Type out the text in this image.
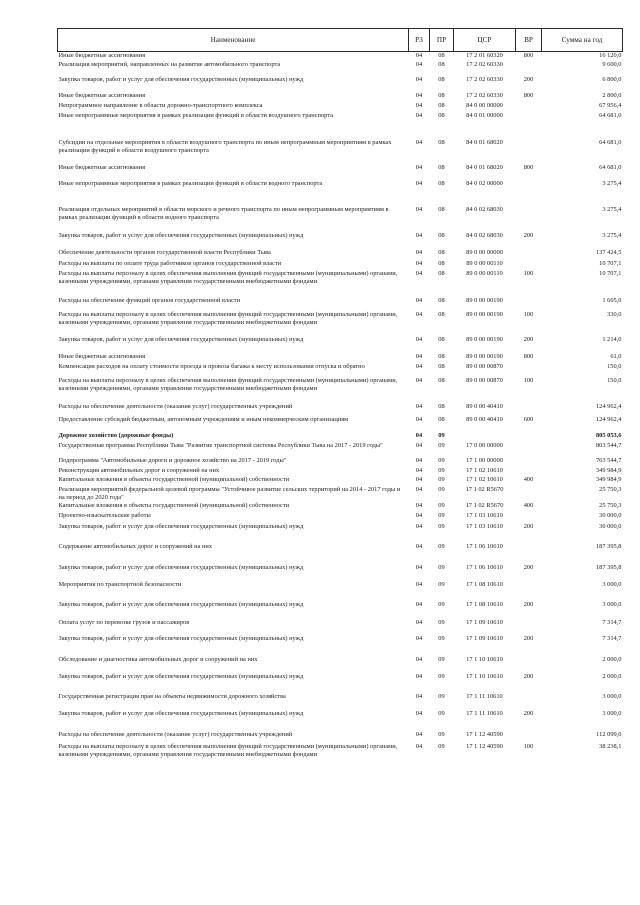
Наименование	РЗ	ПР	ЦСР	ВР	Сумма на год
Иные бюджетные ассигнования	04	08	17 2 01 60320	800	16 120,0
Реализация мероприятий, направленных на развитие автомобильного транспорта	04	08	17 2 02 60330		9 600,0
Закупка товаров, работ и услуг для обеспечения государственных (муниципальных) нужд	04	08	17 2 02 60330	200	6 800,0
Иные бюджетные ассигнования	04	08	17 2 02 60330	800	2 800,0
Непрограммное направление в области дорожно-транспортного комплекса	04	08	84 0 00 00000		67 956,4
Иные непрограммные мероприятия в рамках реализации функций в области воздушного транспорта	04	08	84 0 01 00000		64 681,0
Субсидии на отдельные мероприятия в области воздушного транспорта по иным непрограммным мероприятиям в рамках реализации функций в области воздушного транспорта	04	08	84 0 01 68020		64 681,0
Иные бюджетные ассигнования	04	08	84 0 01 68020	800	64 681,0
Иные непрограммные мероприятия в рамках реализации функций в области водного транспорта	04	08	84 0 02 00000		3 275,4
Реализация отдельных мероприятий в области морского и речного транспорта по иным непрограммным мероприятиям в рамках реализации функций в области водного транспорта	04	08	84 0 02 68030		3 275,4
Закупка товаров, работ и услуг для обеспечения государственных (муниципальных) нужд	04	08	84 0 02 68030	200	3 275,4
Обеспечение деятельности органов государственной власти Республики Тыва	04	08	89 0 00 00000		137 424,5
Расходы на выплаты по оплате труда работников органов государственной власти	04	08	89 0 00 00110		10 707,1
Расходы на выплаты персоналу в целях обеспечения выполнения функций государственными (муниципальными) органами, казенными учреждениями, органами управления государственными внебюджетными фондами	04	08	89 0 00 00110	100	10 707,1
Расходы на обеспечение функций органов государственной власти	04	08	89 0 00 00190		1 605,0
Расходы на выплаты персоналу в целях обеспечения выполнения функций государственными (муниципальными) органами, казенными учреждениями, органами управления государственными внебюджетными фондами	04	08	89 0 00 00190	100	330,0
Закупка товаров, работ и услуг для обеспечения государственных (муниципальных) нужд	04	08	89 0 00 00190	200	1 214,0
Иные бюджетные ассигнования	04	08	89 0 00 00190	800	61,0
Компенсация расходов на оплату стоимости проезда и провоза багажа к месту использования отпуска и обратно	04	08	89 0 00 00870		150,0
Расходы на выплаты персоналу в целях обеспечения выполнения функций государственными (муниципальными) органами, казенными учреждениями, органами управления государственными внебюджетными фондами	04	08	89 0 00 00870	100	150,0
Расходы на обеспечение деятельности (оказания услуг) государственных учреждений	04	08	89 0 00 40410		124 962,4
Предоставление субсидий бюджетным, автономным учреждениям и иным некоммерческим организациям	04	08	89 0 00 40410	600	124 962,4
Дорожное хозяйство (дорожные фонды)	04	09			805 053,6
Государственная программа Республики Тыва "Развитие транспортной системы Республики Тыва на 2017 - 2019 годы"	04	09	17 0 00 00000		803 544,7
Подпрограмма "Автомобильные дороги и дорожное хозяйство на 2017 - 2019 годы"	04	09	17 1 00 00000		763 544,7
Реконструкция автомобильных дорог и сооружений на них	04	09	17 1 02 10610		349 984,9
Капитальные вложения в объекты государственной (муниципальной) собственности	04	09	17 1 02 10610	400	349 984,9
Реализация мероприятий федеральной целевой программы "Устойчивое развитие сельских территорий на 2014 - 2017 годы и на период до 2020 года"	04	09	17 1 02 R5670		25 750,3
Капитальные вложения в объекты государственной (муниципальной) собственности	04	09	17 1 02 R5670	400	25 750,3
Проектно-изыскательские работы	04	09	17 1 03 10610		30 000,0
Закупка товаров, работ и услуг для обеспечения государственных (муниципальных) нужд	04	09	17 1 03 10610	200	30 000,0
Содержание автомобильных дорог и сооружений на них	04	09	17 1 06 10610		187 395,8
Закупка товаров, работ и услуг для обеспечения государственных (муниципальных) нужд	04	09	17 1 06 10610	200	187 395,8
Мероприятия по транспортной безопасности	04	09	17 1 08 10610		3 000,0
Закупка товаров, работ и услуг для обеспечения государственных (муниципальных) нужд	04	09	17 1 08 10610	200	3 000,0
Оплата услуг по перевозке грузов и пассажиров	04	09	17 1 09 10610		7 314,7
Закупка товаров, работ и услуг для обеспечения государственных (муниципальных) нужд	04	09	17 1 09 10610	200	7 314,7
Обследование и диагностика автомобильных дорог и сооружений на них	04	09	17 1 10 10610		2 000,0
Закупка товаров, работ и услуг для обеспечения государственных (муниципальных) нужд	04	09	17 1 10 10610	200	2 000,0
Государственная регистрация прав на объекты недвижимости дорожного хозяйства	04	09	17 1 11 10610		3 000,0
Закупка товаров, работ и услуг для обеспечения государственных (муниципальных) нужд	04	09	17 1 11 10610	200	3 000,0
Расходы на обеспечение деятельности (оказание услуг) государственных учреждений	04	09	17 1 12 40590		112 099,0
Расходы на выплаты персоналу в целях обеспечения выполнения функций государственными (муниципальными) органами, казенными учреждениями, органами управления государственными внебюджетными фондами	04	09	17 1 12 40590	100	38 238,1
